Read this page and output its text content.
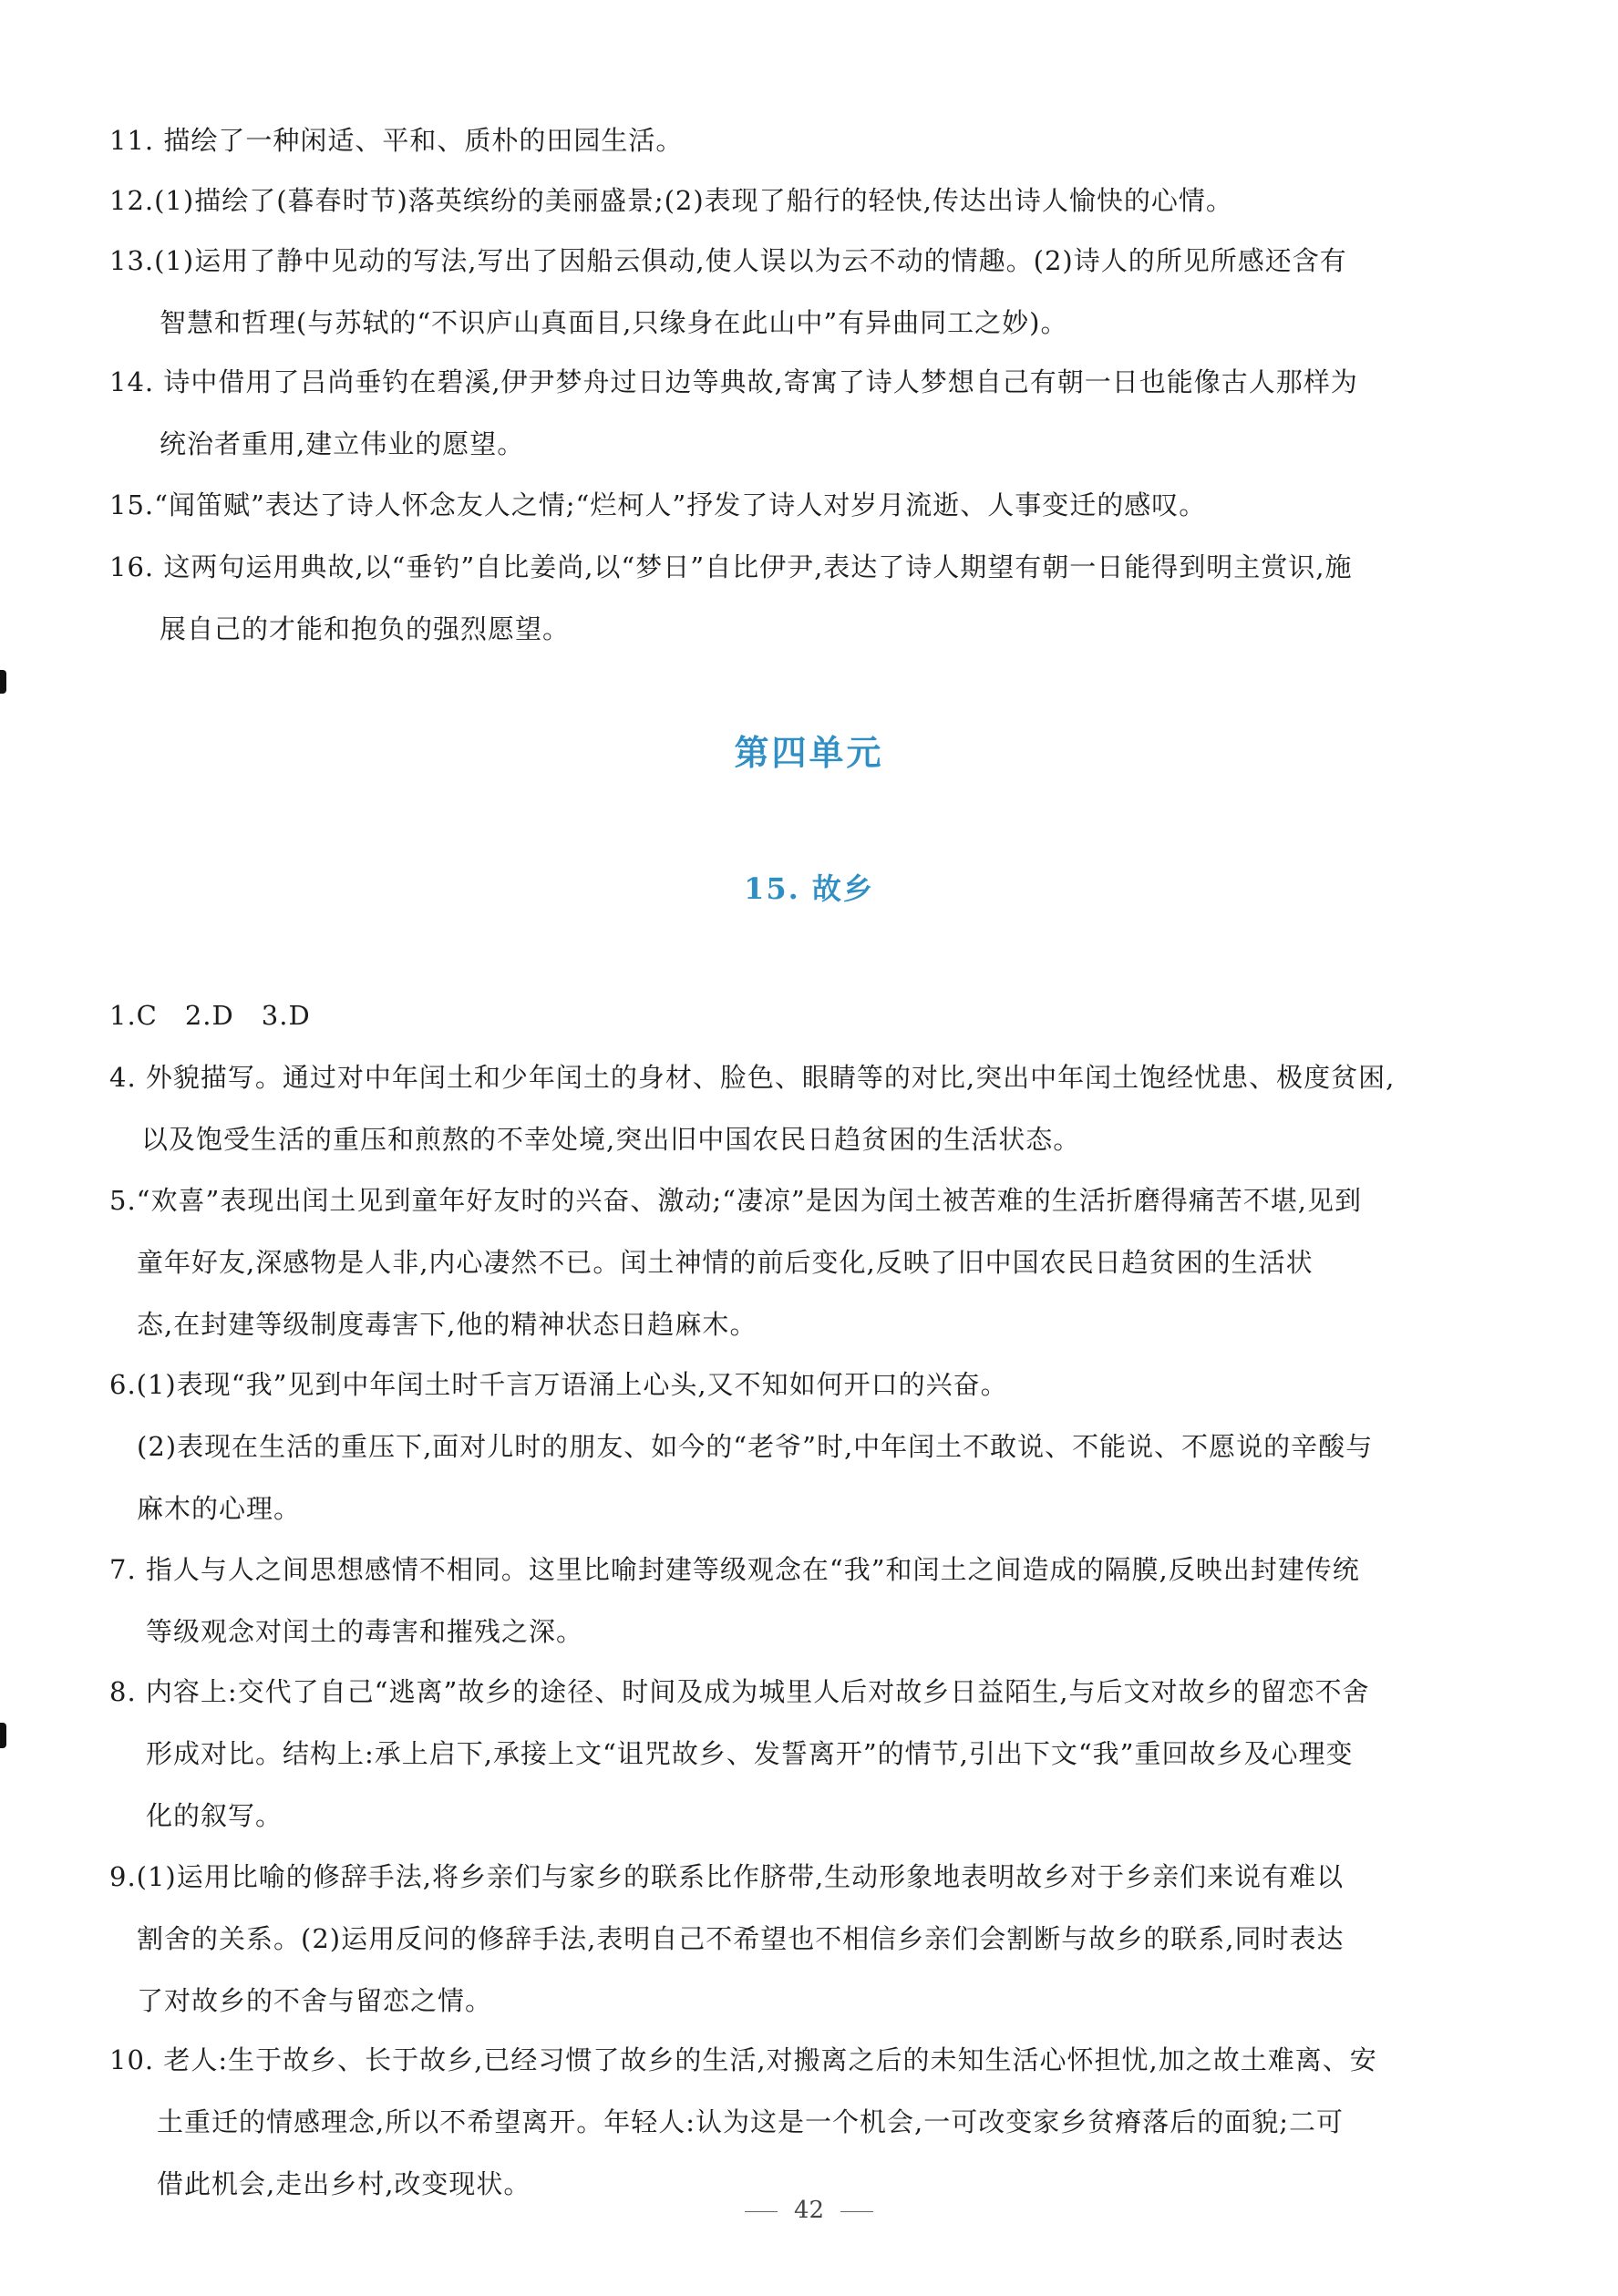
11. 描绘了一种闲适、平和、质朴的田园生活。
12.(1)描绘了(暮春时节)落英缤纷的美丽盛景;(2)表现了船行的轻快,传达出诗人愉快的心情。
13.(1)运用了静中见动的写法,写出了因船云俱动,使人误以为云不动的情趣。(2)诗人的所见所感还含有
智慧和哲理(与苏轼的“不识庐山真面目,只缘身在此山中”有异曲同工之妙)。
14. 诗中借用了吕尚垂钓在碧溪,伊尹梦舟过日边等典故,寄寓了诗人梦想自己有朝一日也能像古人那样为
统治者重用,建立伟业的愿望。
15.“闻笛赋”表达了诗人怀念友人之情;“烂柯人”抒发了诗人对岁月流逝、人事变迁的感叹。
16. 这两句运用典故,以“垂钓”自比姜尚,以“梦日”自比伊尹,表达了诗人期望有朝一日能得到明主赏识,施
展自己的才能和抱负的强烈愿望。
第四单元
15. 故乡
1.C　2.D　3.D
4. 外貌描写。通过对中年闰土和少年闰土的身材、脸色、眼睛等的对比,突出中年闰土饱经忧患、极度贫困,
以及饱受生活的重压和煎熬的不幸处境,突出旧中国农民日趋贫困的生活状态。
5.“欢喜”表现出闰土见到童年好友时的兴奋、激动;“凄凉”是因为闰土被苦难的生活折磨得痛苦不堪,见到
童年好友,深感物是人非,内心凄然不已。闰土神情的前后变化,反映了旧中国农民日趋贫困的生活状
态,在封建等级制度毒害下,他的精神状态日趋麻木。
6.(1)表现“我”见到中年闰土时千言万语涌上心头,又不知如何开口的兴奋。
(2)表现在生活的重压下,面对儿时的朋友、如今的“老爷”时,中年闰土不敢说、不能说、不愿说的辛酸与
麻木的心理。
7. 指人与人之间思想感情不相同。这里比喻封建等级观念在“我”和闰土之间造成的隔膜,反映出封建传统
等级观念对闰土的毒害和摧残之深。
8. 内容上:交代了自己“逃离”故乡的途径、时间及成为城里人后对故乡日益陌生,与后文对故乡的留恋不舍
形成对比。结构上:承上启下,承接上文“诅咒故乡、发誓离开”的情节,引出下文“我”重回故乡及心理变
化的叙写。
9.(1)运用比喻的修辞手法,将乡亲们与家乡的联系比作脐带,生动形象地表明故乡对于乡亲们来说有难以
割舍的关系。(2)运用反问的修辞手法,表明自己不希望也不相信乡亲们会割断与故乡的联系,同时表达
了对故乡的不舍与留恋之情。
10. 老人:生于故乡、长于故乡,已经习惯了故乡的生活,对搬离之后的未知生活心怀担忧,加之故土难离、安
土重迁的情感理念,所以不希望离开。年轻人:认为这是一个机会,一可改变家乡贫瘠落后的面貌;二可
借此机会,走出乡村,改变现状。
42
